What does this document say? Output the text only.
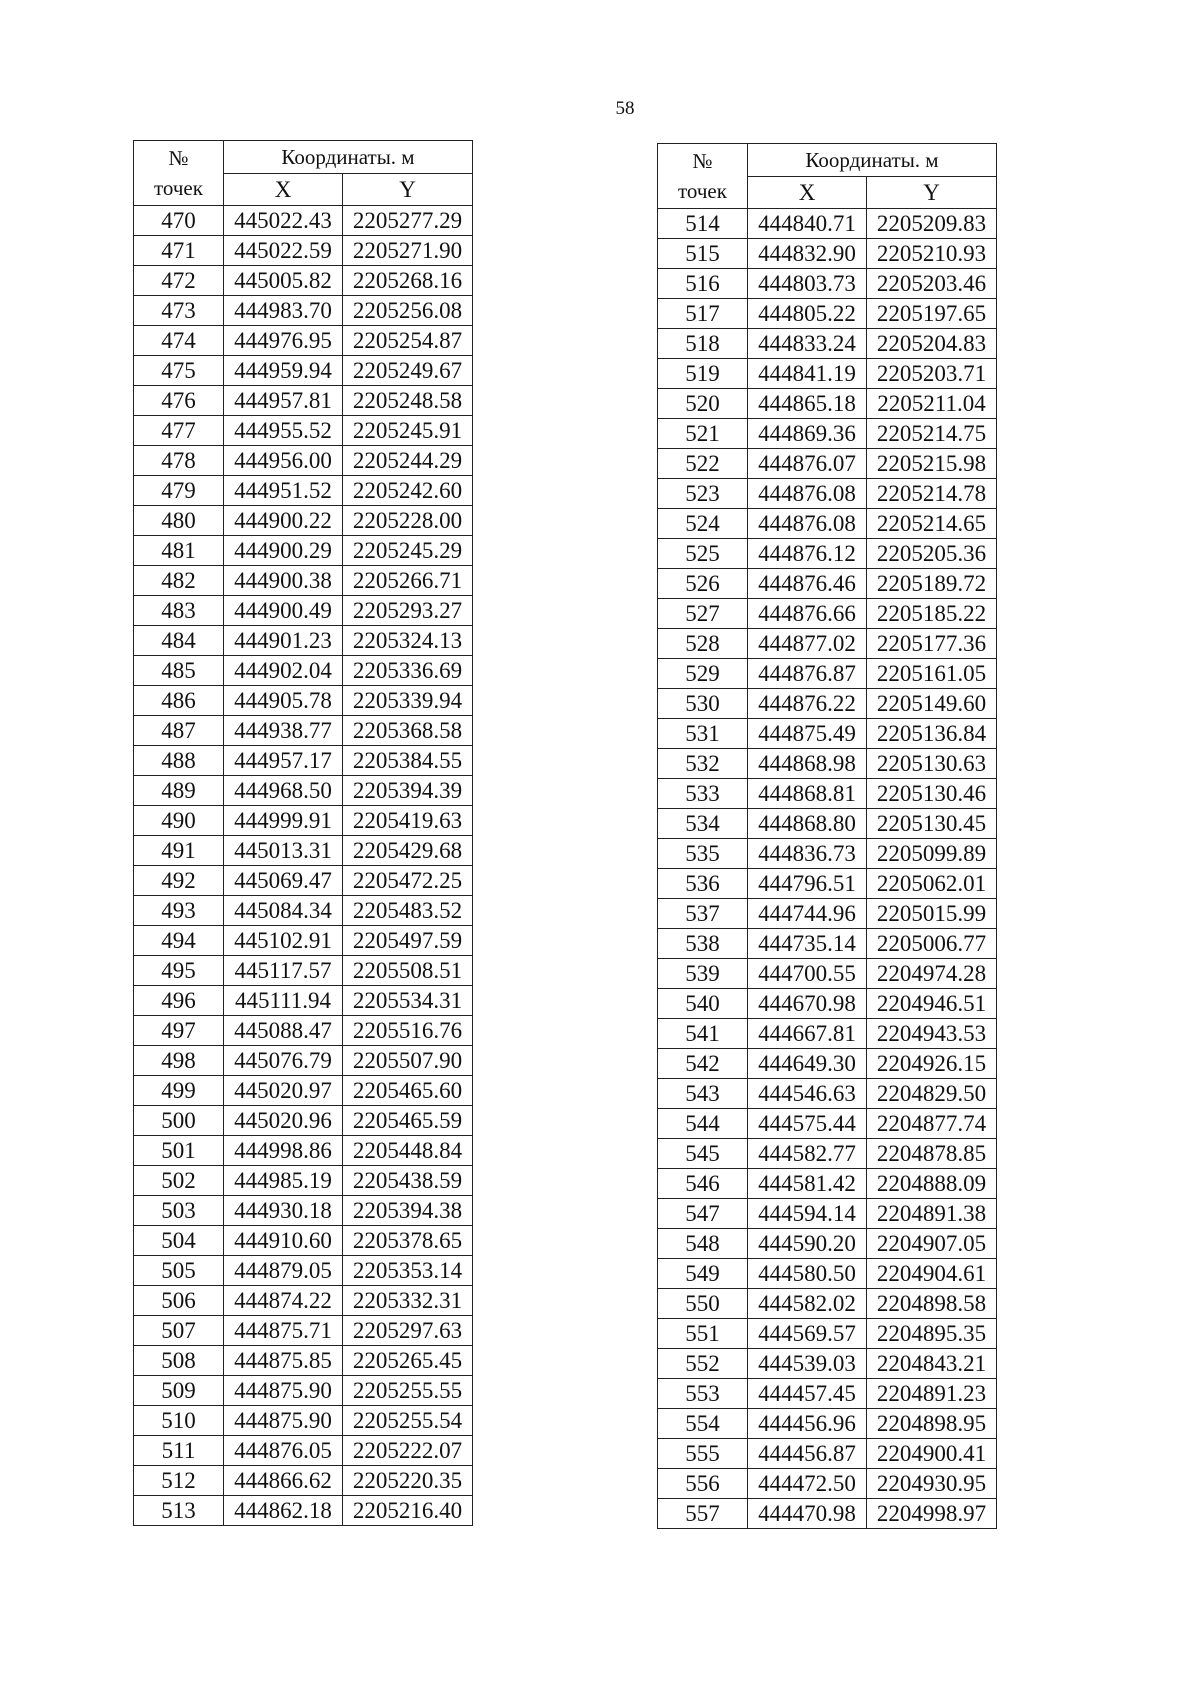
58
№
точек	Координаты. м	
	X	Y
470	445022.43	2205277.29
471	445022.59	2205271.90
472	445005.82	2205268.16
473	444983.70	2205256.08
474	444976.95	2205254.87
475	444959.94	2205249.67
476	444957.81	2205248.58
477	444955.52	2205245.91
478	444956.00	2205244.29
479	444951.52	2205242.60
480	444900.22	2205228.00
481	444900.29	2205245.29
482	444900.38	2205266.71
483	444900.49	2205293.27
484	444901.23	2205324.13
485	444902.04	2205336.69
486	444905.78	2205339.94
487	444938.77	2205368.58
488	444957.17	2205384.55
489	444968.50	2205394.39
490	444999.91	2205419.63
491	445013.31	2205429.68
492	445069.47	2205472.25
493	445084.34	2205483.52
494	445102.91	2205497.59
495	445117.57	2205508.51
496	445111.94	2205534.31
497	445088.47	2205516.76
498	445076.79	2205507.90
499	445020.97	2205465.60
500	445020.96	2205465.59
501	444998.86	2205448.84
502	444985.19	2205438.59
503	444930.18	2205394.38
504	444910.60	2205378.65
505	444879.05	2205353.14
506	444874.22	2205332.31
507	444875.71	2205297.63
508	444875.85	2205265.45
509	444875.90	2205255.55
510	444875.90	2205255.54
511	444876.05	2205222.07
512	444866.62	2205220.35
513	444862.18	2205216.40
№
точек	Координаты. м	
	X	Y
514	444840.71	2205209.83
515	444832.90	2205210.93
516	444803.73	2205203.46
517	444805.22	2205197.65
518	444833.24	2205204.83
519	444841.19	2205203.71
520	444865.18	2205211.04
521	444869.36	2205214.75
522	444876.07	2205215.98
523	444876.08	2205214.78
524	444876.08	2205214.65
525	444876.12	2205205.36
526	444876.46	2205189.72
527	444876.66	2205185.22
528	444877.02	2205177.36
529	444876.87	2205161.05
530	444876.22	2205149.60
531	444875.49	2205136.84
532	444868.98	2205130.63
533	444868.81	2205130.46
534	444868.80	2205130.45
535	444836.73	2205099.89
536	444796.51	2205062.01
537	444744.96	2205015.99
538	444735.14	2205006.77
539	444700.55	2204974.28
540	444670.98	2204946.51
541	444667.81	2204943.53
542	444649.30	2204926.15
543	444546.63	2204829.50
544	444575.44	2204877.74
545	444582.77	2204878.85
546	444581.42	2204888.09
547	444594.14	2204891.38
548	444590.20	2204907.05
549	444580.50	2204904.61
550	444582.02	2204898.58
551	444569.57	2204895.35
552	444539.03	2204843.21
553	444457.45	2204891.23
554	444456.96	2204898.95
555	444456.87	2204900.41
556	444472.50	2204930.95
557	444470.98	2204998.97
